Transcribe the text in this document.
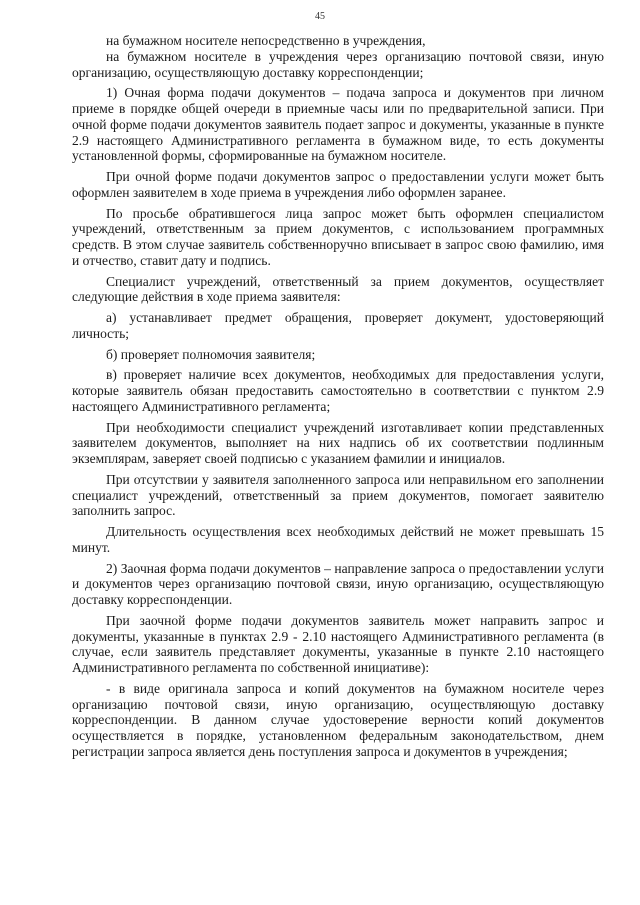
45

на бумажном носителе непосредственно в учреждения,

на бумажном носителе в учреждения через организацию почтовой связи, иную организацию, осуществляющую доставку корреспонденции;

1) Очная форма подачи документов – подача запроса и документов при личном приеме в порядке общей очереди в приемные часы или по предварительной записи. При очной форме подачи документов заявитель подает запрос и документы, указанные в пункте 2.9 настоящего Административного регламента в бумажном виде, то есть документы установленной формы, сформированные на бумажном носителе.

При очной форме подачи документов запрос о предоставлении услуги может быть оформлен заявителем в ходе приема в учреждения либо оформлен заранее.

По просьбе обратившегося лица запрос может быть оформлен специалистом учреждений, ответственным за прием документов, с использованием программных средств. В этом случае заявитель собственноручно вписывает в запрос свою фамилию, имя и отчество, ставит дату и подпись.

Специалист учреждений, ответственный за прием документов, осуществляет следующие действия в ходе приема заявителя:

а) устанавливает предмет обращения, проверяет документ, удостоверяющий личность;

б) проверяет полномочия заявителя;

в) проверяет наличие всех документов, необходимых для предоставления услуги, которые заявитель обязан предоставить самостоятельно в соответствии с пунктом 2.9 настоящего Административного регламента;

При необходимости специалист учреждений изготавливает копии представленных заявителем документов, выполняет на них надпись об их соответствии подлинным экземплярам, заверяет своей подписью с указанием фамилии и инициалов.

При отсутствии у заявителя заполненного запроса или неправильном его заполнении специалист учреждений, ответственный за прием документов, помогает заявителю заполнить запрос.

Длительность осуществления всех необходимых действий не может превышать 15 минут.

2) Заочная форма подачи документов – направление запроса о предоставлении услуги и документов через организацию почтовой связи, иную организацию, осуществляющую доставку корреспонденции.

При заочной форме подачи документов заявитель может направить запрос и документы, указанные в пунктах 2.9 - 2.10 настоящего Административного регламента (в случае, если заявитель представляет документы, указанные в пункте 2.10 настоящего Административного регламента по собственной инициативе):

- в виде оригинала запроса и копий документов на бумажном носителе через организацию почтовой связи, иную организацию, осуществляющую доставку корреспонденции. В данном случае удостоверение верности копий документов осуществляется в порядке, установленном федеральным законодательством, днем регистрации запроса является день поступления запроса и документов в учреждения;
